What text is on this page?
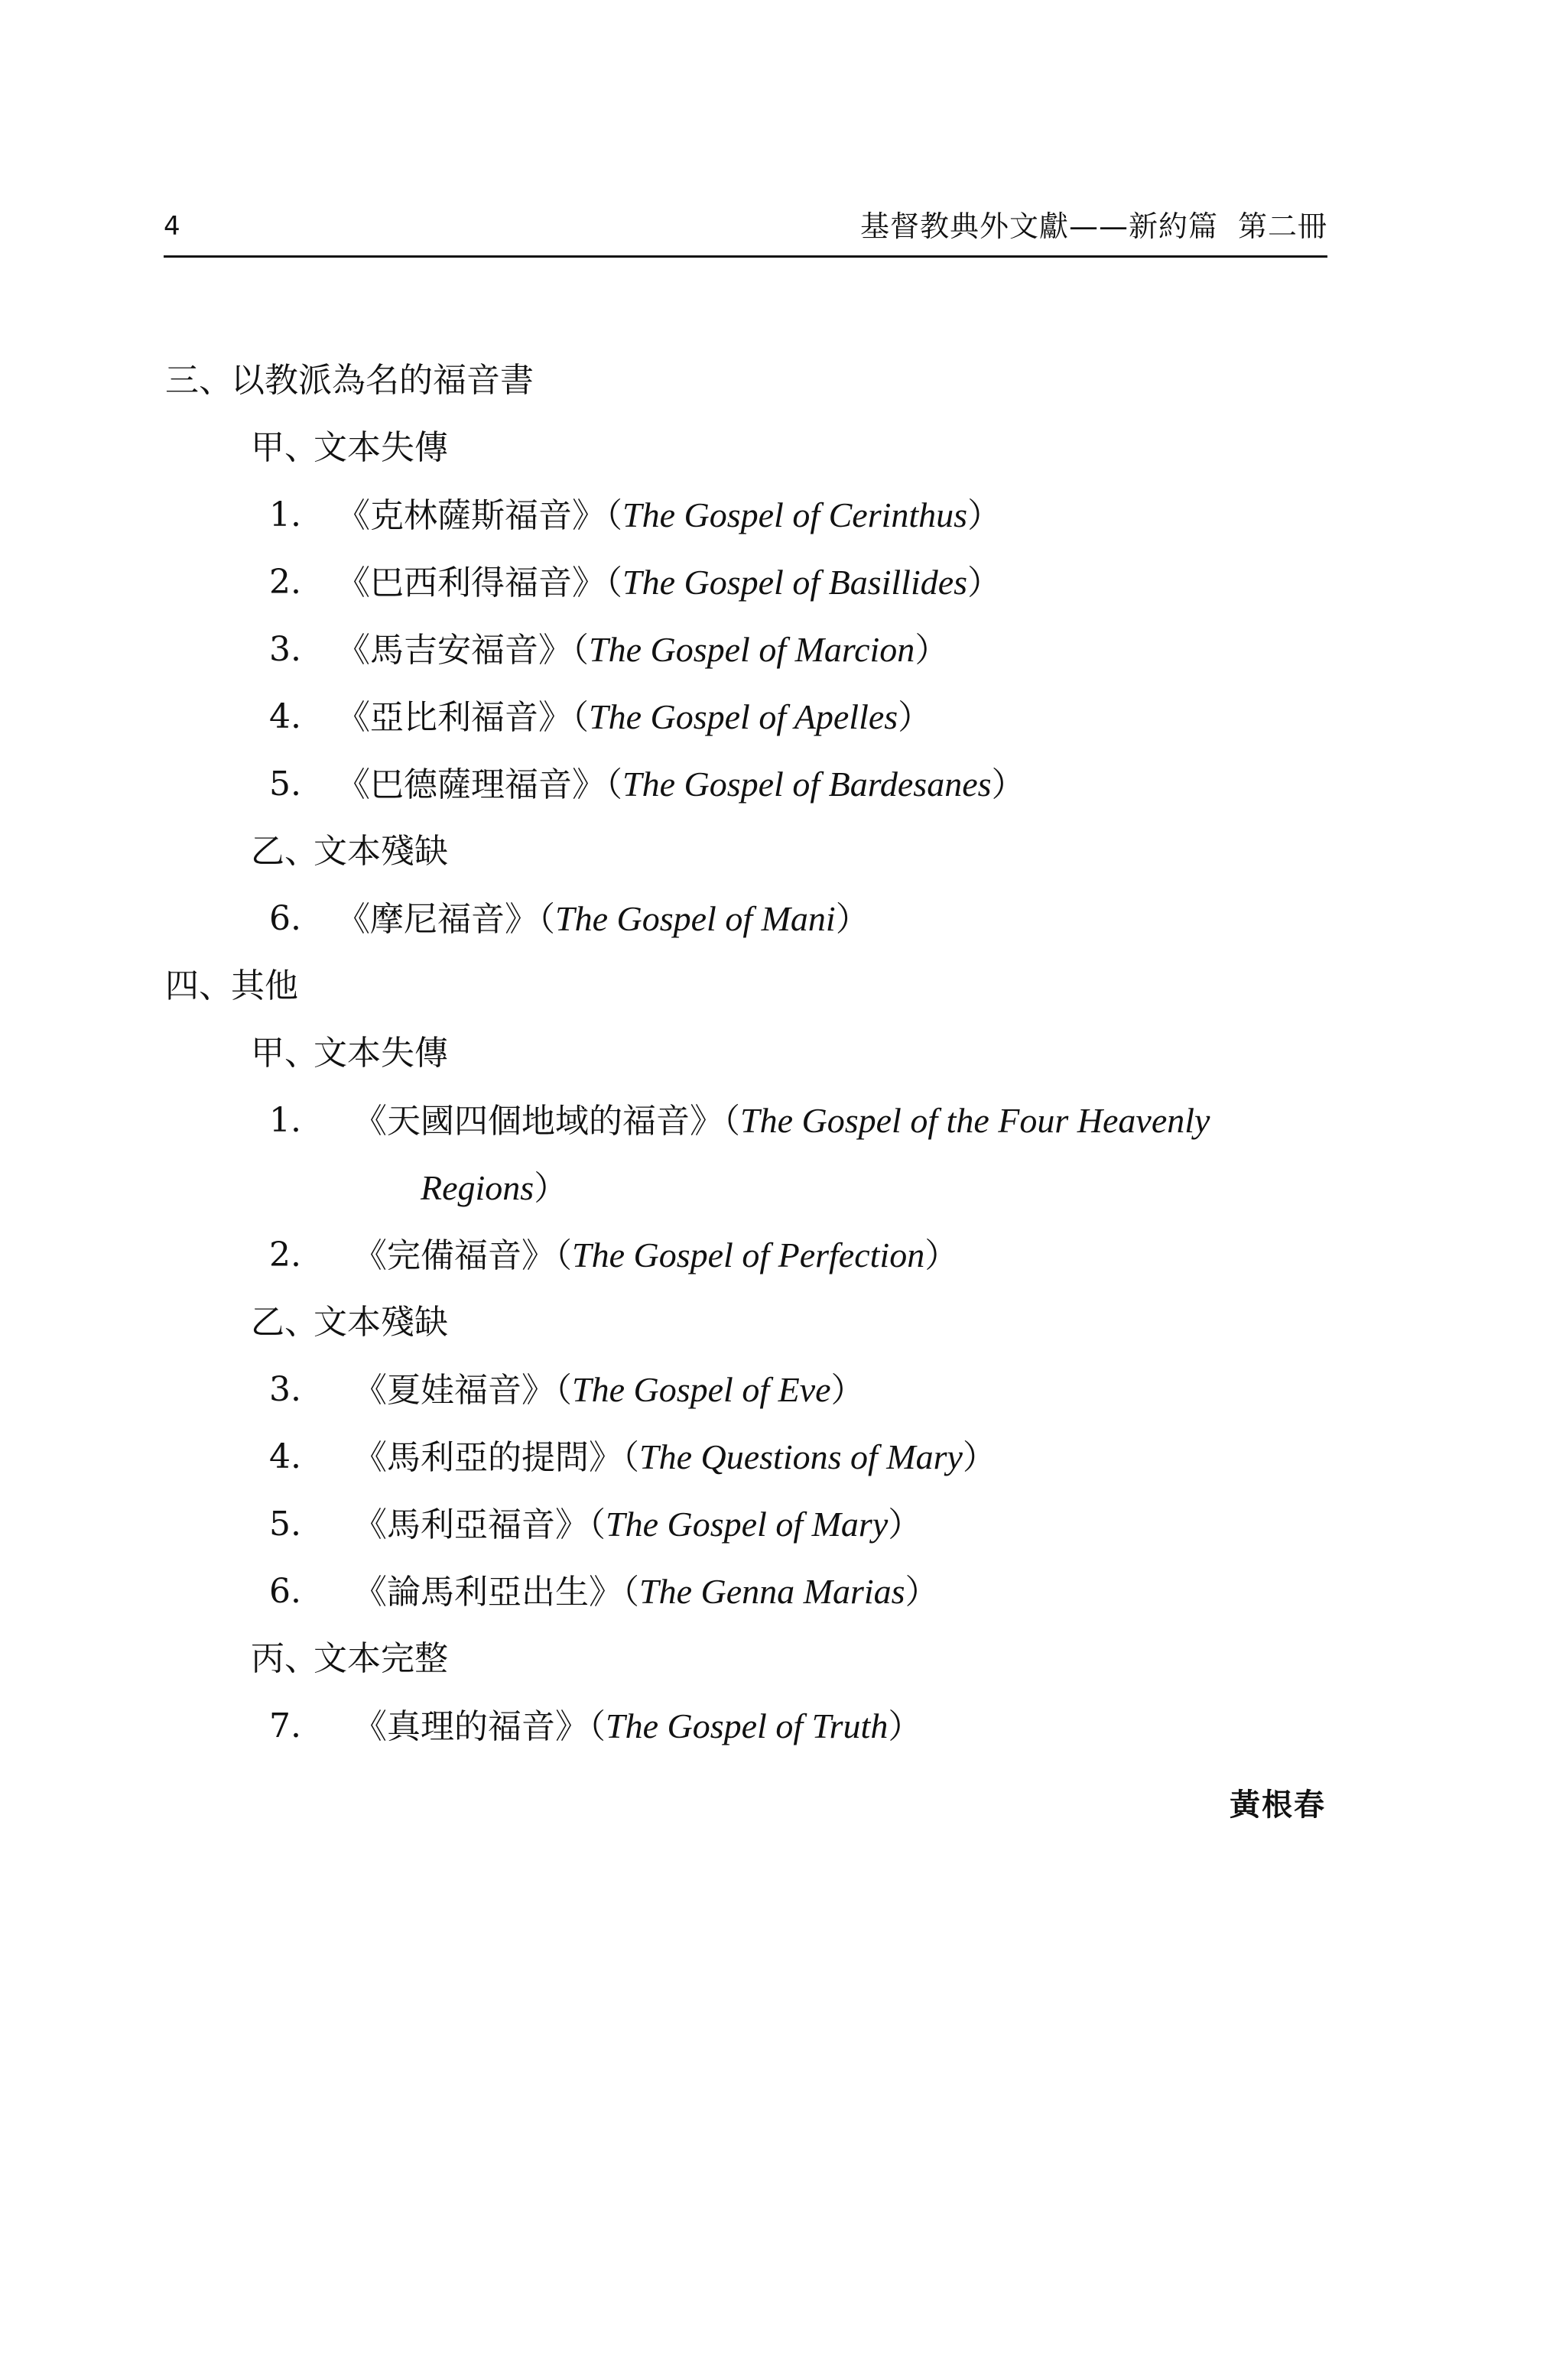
4	基督教典外文獻——新約篇 第二冊
三、以教派為名的福音書
甲、文本失傳
1. 《克林薩斯福音》（The Gospel of Cerinthus）
2. 《巴西利得福音》（The Gospel of Basillides）
3. 《馬吉安福音》（The Gospel of Marcion）
4. 《亞比利福音》（The Gospel of Apelles）
5. 《巴德薩理福音》（The Gospel of Bardesanes）
乙、文本殘缺
6. 《摩尼福音》（The Gospel of Mani）
四、其他
甲、文本失傳
1. 《天國四個地域的福音》（The Gospel of the Four Heavenly
Regions）
2. 《完備福音》（The Gospel of Perfection）
乙、文本殘缺
3. 《夏娃福音》（The Gospel of Eve）
4. 《馬利亞的提問》（The Questions of Mary）
5. 《馬利亞福音》（The Gospel of Mary）
6. 《論馬利亞出生》（The Genna Marias）
丙、文本完整
7. 《真理的福音》（The Gospel of Truth）
黃根春
